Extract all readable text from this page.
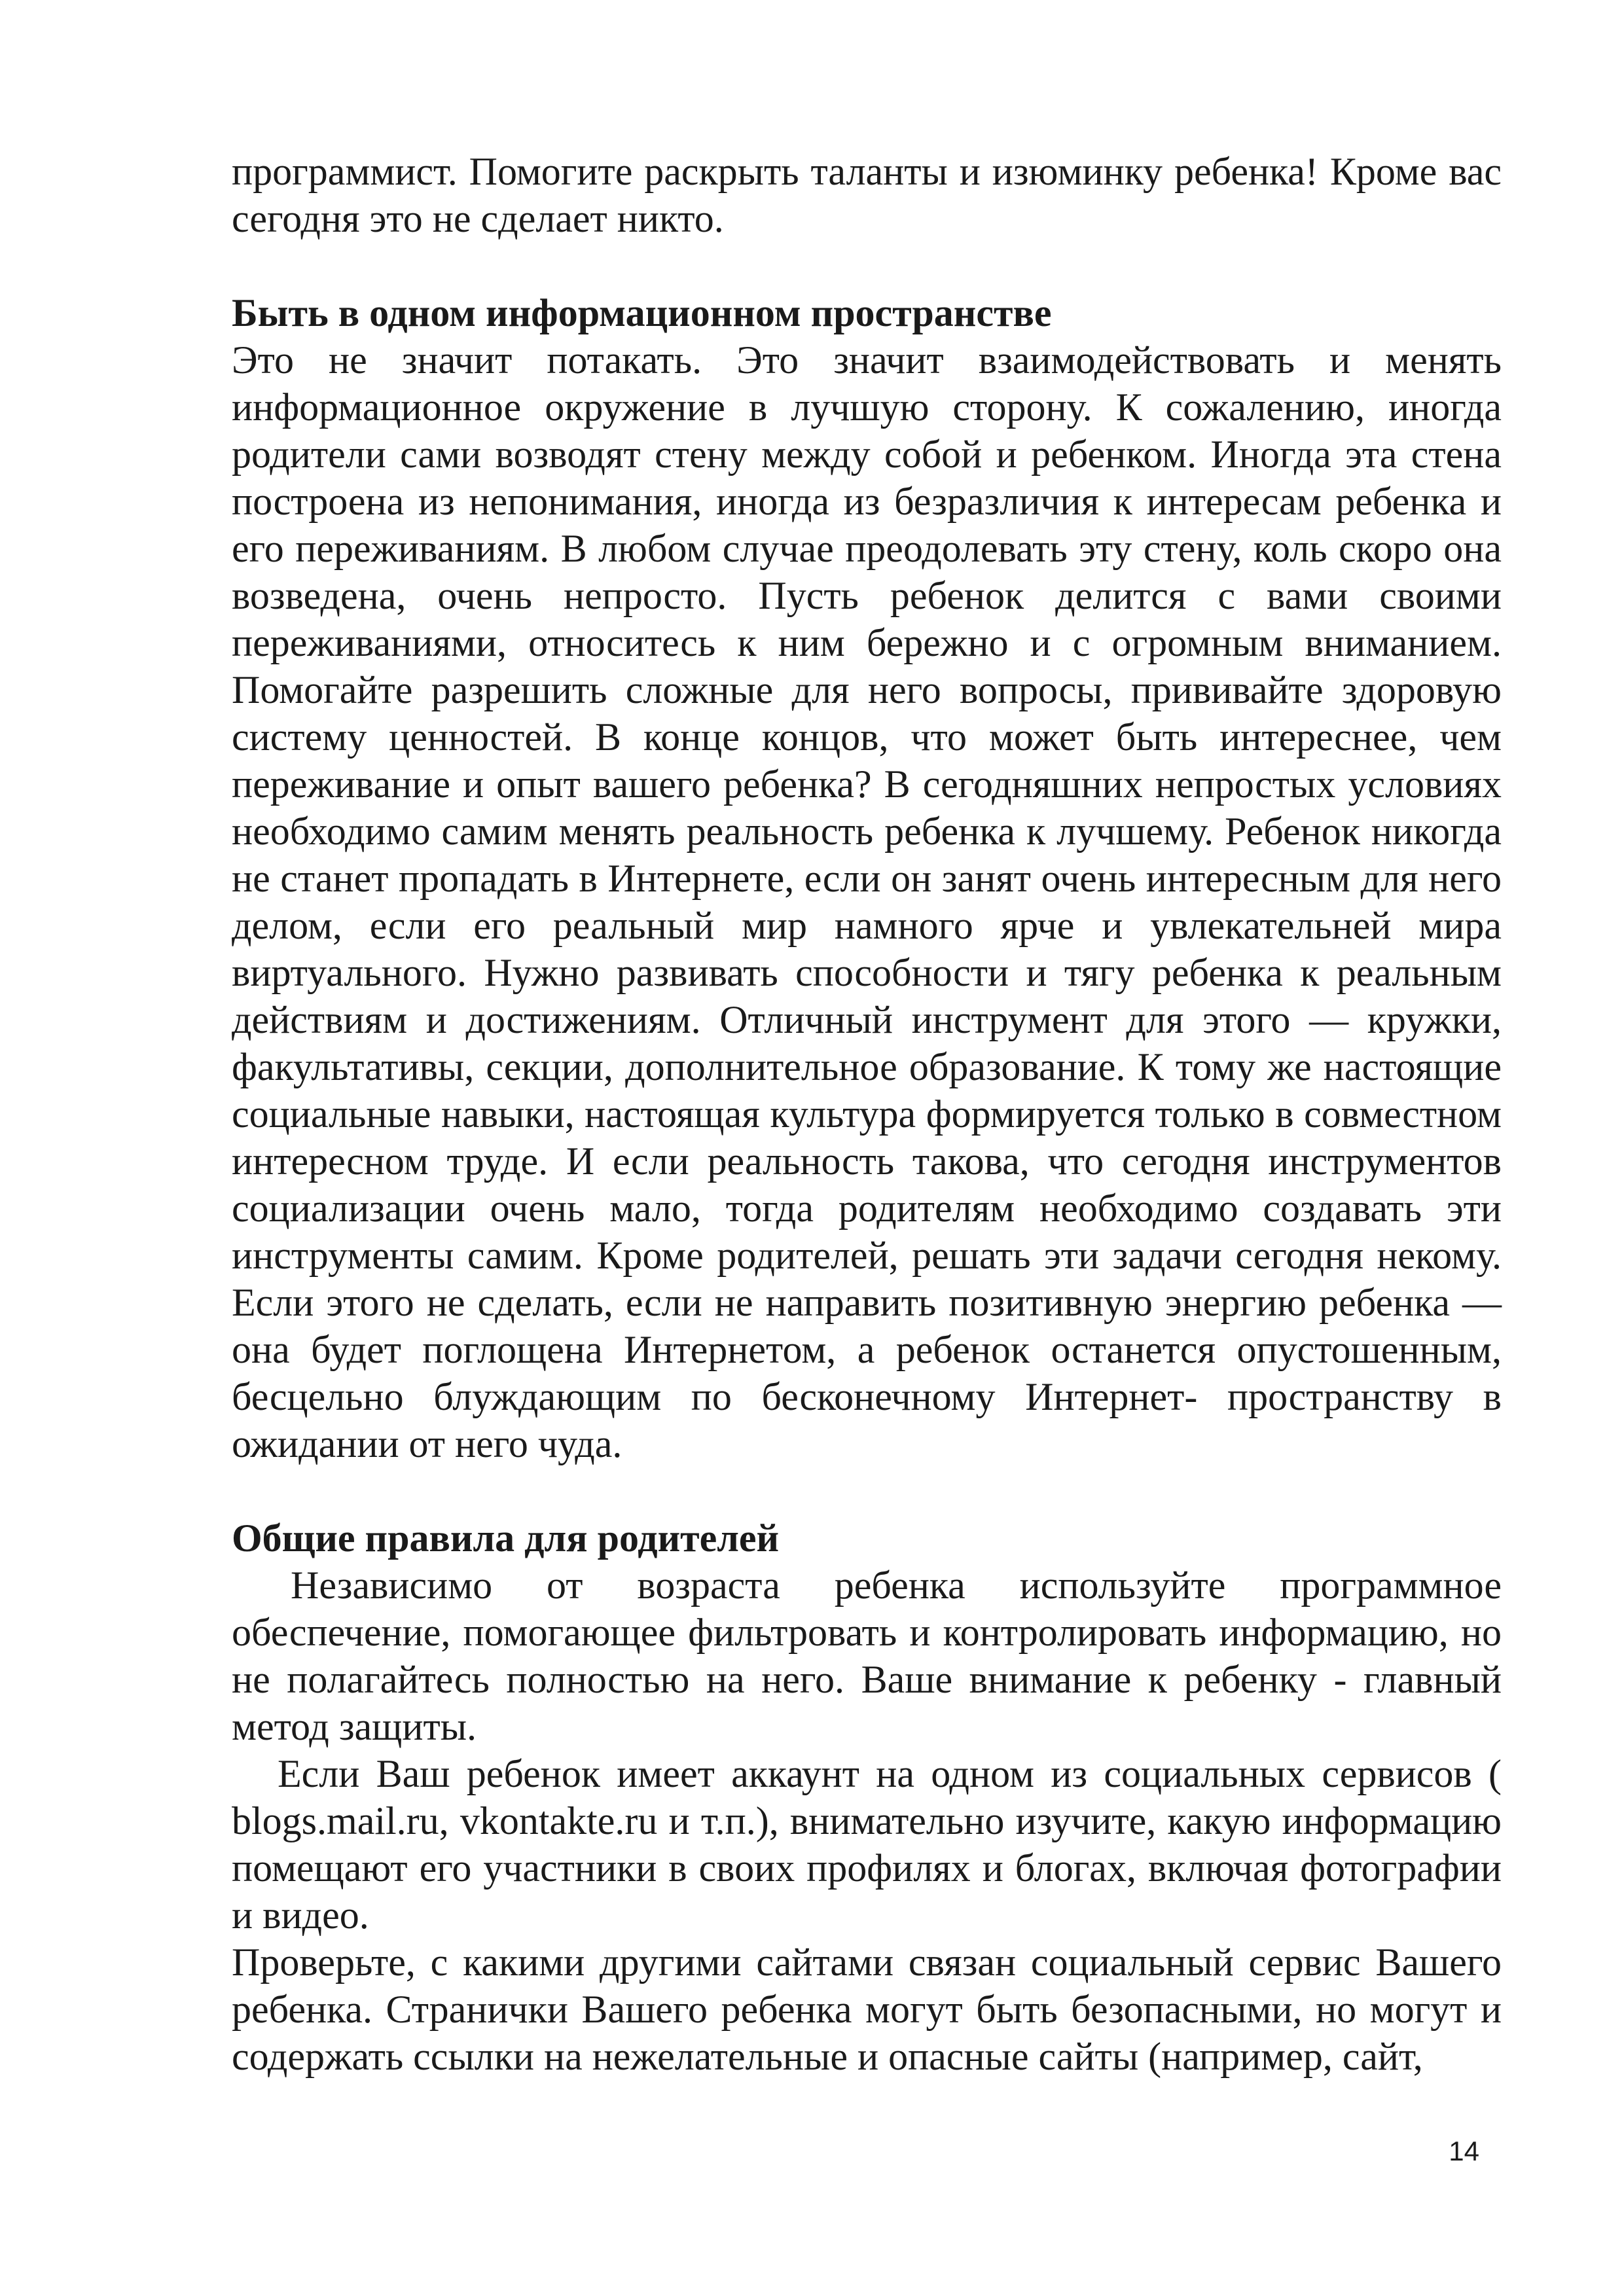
программист. Помогите раскрыть таланты и изюминку ребенка! Кроме вас сегодня это не сделает никто.

Быть в одном информационном пространстве

Это не значит потакать. Это значит взаимодействовать и менять информационное окружение в лучшую сторону. К сожалению, иногда родители сами возводят стену между собой и ребенком. Иногда эта стена построена из непонимания, иногда из безразличия к интересам ребенка и его переживаниям. В любом случае преодолевать эту стену, коль скоро она возведена, очень непросто. Пусть ребенок делится с вами своими переживаниями, относитесь к ним бережно и с огромным вниманием. Помогайте разрешить сложные для него вопросы, прививайте здоровую систему ценностей. В конце концов, что может быть интереснее, чем переживание и опыт вашего ребенка? В сегодняшних непростых условиях необходимо самим менять реальность ребенка к лучшему. Ребенок никогда не станет пропадать в Интернете, если он занят очень интересным для него делом, если его реальный мир намного ярче и увлекательней мира виртуального. Нужно развивать способности и тягу ребенка к реальным действиям и достижениям. Отличный инструмент для этого — кружки, факультативы, секции, дополнительное образование. К тому же настоящие социальные навыки, настоящая культура формируется только в совместном интересном труде. И если реальность такова, что сегодня инструментов социализации очень мало, тогда родителям необходимо создавать эти инструменты самим. Кроме родителей, решать эти задачи сегодня некому. Если этого не сделать, если не направить позитивную энергию ребенка — она будет поглощена Интернетом, а ребенок останется опустошенным, бесцельно блуждающим по бесконечному Интернет- пространству в ожидании от него чуда.

Общие правила для родителей

Независимо от возраста ребенка используйте программное обеспечение, помогающее фильтровать и контролировать информацию, но не полагайтесь полностью на него. Ваше внимание к ребенку - главный метод защиты.

Если Ваш ребенок имеет аккаунт на одном из социальных сервисов ( blogs.mail.ru, vkontakte.ru и т.п.), внимательно изучите, какую информацию помещают его участники в своих профилях и блогах, включая фотографии и видео.

Проверьте, с какими другими сайтами связан социальный сервис Вашего ребенка. Странички Вашего ребенка могут быть безопасными, но могут и содержать ссылки на нежелательные и опасные сайты (например, сайт,

14
